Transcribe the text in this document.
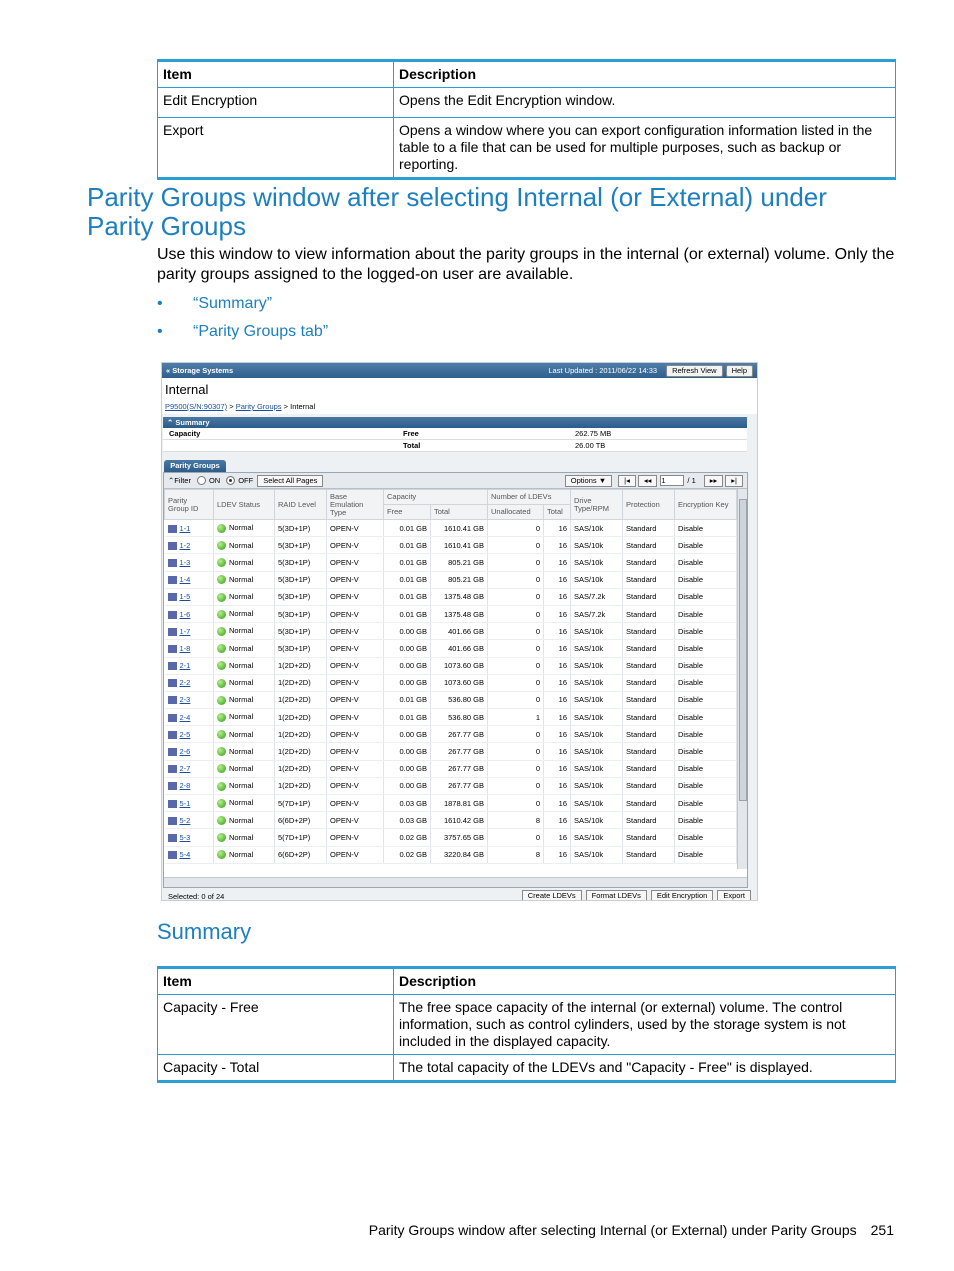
Item	Description
Edit Encryption	Opens the Edit Encryption window.
Export	Opens a window where you can export configuration information listed in the table to a file that can be used for multiple purposes, such as backup or reporting.
Parity Groups window after selecting Internal (or External) under Parity Groups

Use this window to view information about the parity groups in the internal (or external) volume. Only the parity groups assigned to the logged-on user are available.

• “Summary”
• “Parity Groups tab”
« Storage Systems	Last Updated : 2011/06/22 14:33	Refresh View	Help
Internal
P9500(S/N:90307) > Parity Groups > Internal
⌃ Summary
Capacity	Free	262.75 MB
	Total	26.00 TB
Parity Groups
⌃ Filter ON OFF	Select All Pages	Options ▼	|◂	◂◂	1	/ 1	▸▸	▸|
Parity Group ID	LDEV Status	RAID Level	Base Emulation Type	Capacity		Number of LDEVs		Drive Type/RPM	Protection	Encryption Key
				Free	Total	Unallocated	Total			
1-1	Normal	5(3D+1P)	OPEN-V	0.01 GB	1610.41 GB	0	16	SAS/10k	Standard	Disable
1-2	Normal	5(3D+1P)	OPEN-V	0.01 GB	1610.41 GB	0	16	SAS/10k	Standard	Disable
1-3	Normal	5(3D+1P)	OPEN-V	0.01 GB	805.21 GB	0	16	SAS/10k	Standard	Disable
1-4	Normal	5(3D+1P)	OPEN-V	0.01 GB	805.21 GB	0	16	SAS/10k	Standard	Disable
1-5	Normal	5(3D+1P)	OPEN-V	0.01 GB	1375.48 GB	0	16	SAS/7.2k	Standard	Disable
1-6	Normal	5(3D+1P)	OPEN-V	0.01 GB	1375.48 GB	0	16	SAS/7.2k	Standard	Disable
1-7	Normal	5(3D+1P)	OPEN-V	0.00 GB	401.66 GB	0	16	SAS/10k	Standard	Disable
1-8	Normal	5(3D+1P)	OPEN-V	0.00 GB	401.66 GB	0	16	SAS/10k	Standard	Disable
2-1	Normal	1(2D+2D)	OPEN-V	0.00 GB	1073.60 GB	0	16	SAS/10k	Standard	Disable
2-2	Normal	1(2D+2D)	OPEN-V	0.00 GB	1073.60 GB	0	16	SAS/10k	Standard	Disable
2-3	Normal	1(2D+2D)	OPEN-V	0.01 GB	536.80 GB	0	16	SAS/10k	Standard	Disable
2-4	Normal	1(2D+2D)	OPEN-V	0.01 GB	536.80 GB	1	16	SAS/10k	Standard	Disable
2-5	Normal	1(2D+2D)	OPEN-V	0.00 GB	267.77 GB	0	16	SAS/10k	Standard	Disable
2-6	Normal	1(2D+2D)	OPEN-V	0.00 GB	267.77 GB	0	16	SAS/10k	Standard	Disable
2-7	Normal	1(2D+2D)	OPEN-V	0.00 GB	267.77 GB	0	16	SAS/10k	Standard	Disable
2-8	Normal	1(2D+2D)	OPEN-V	0.00 GB	267.77 GB	0	16	SAS/10k	Standard	Disable
5-1	Normal	5(7D+1P)	OPEN-V	0.03 GB	1878.81 GB	0	16	SAS/10k	Standard	Disable
5-2	Normal	6(6D+2P)	OPEN-V	0.03 GB	1610.42 GB	8	16	SAS/10k	Standard	Disable
5-3	Normal	5(7D+1P)	OPEN-V	0.02 GB	3757.65 GB	0	16	SAS/10k	Standard	Disable
5-4	Normal	6(6D+2P)	OPEN-V	0.02 GB	3220.84 GB	8	16	SAS/10k	Standard	Disable
Selected: 0 of 24	Create LDEVs	Format LDEVs	Edit Encryption	Export
Summary
Item	Description
Capacity - Free	The free space capacity of the internal (or external) volume. The control information, such as control cylinders, used by the storage system is not included in the displayed capacity.
Capacity - Total	The total capacity of the LDEVs and "Capacity - Free" is displayed.
Parity Groups window after selecting Internal (or External) under Parity Groups 251
